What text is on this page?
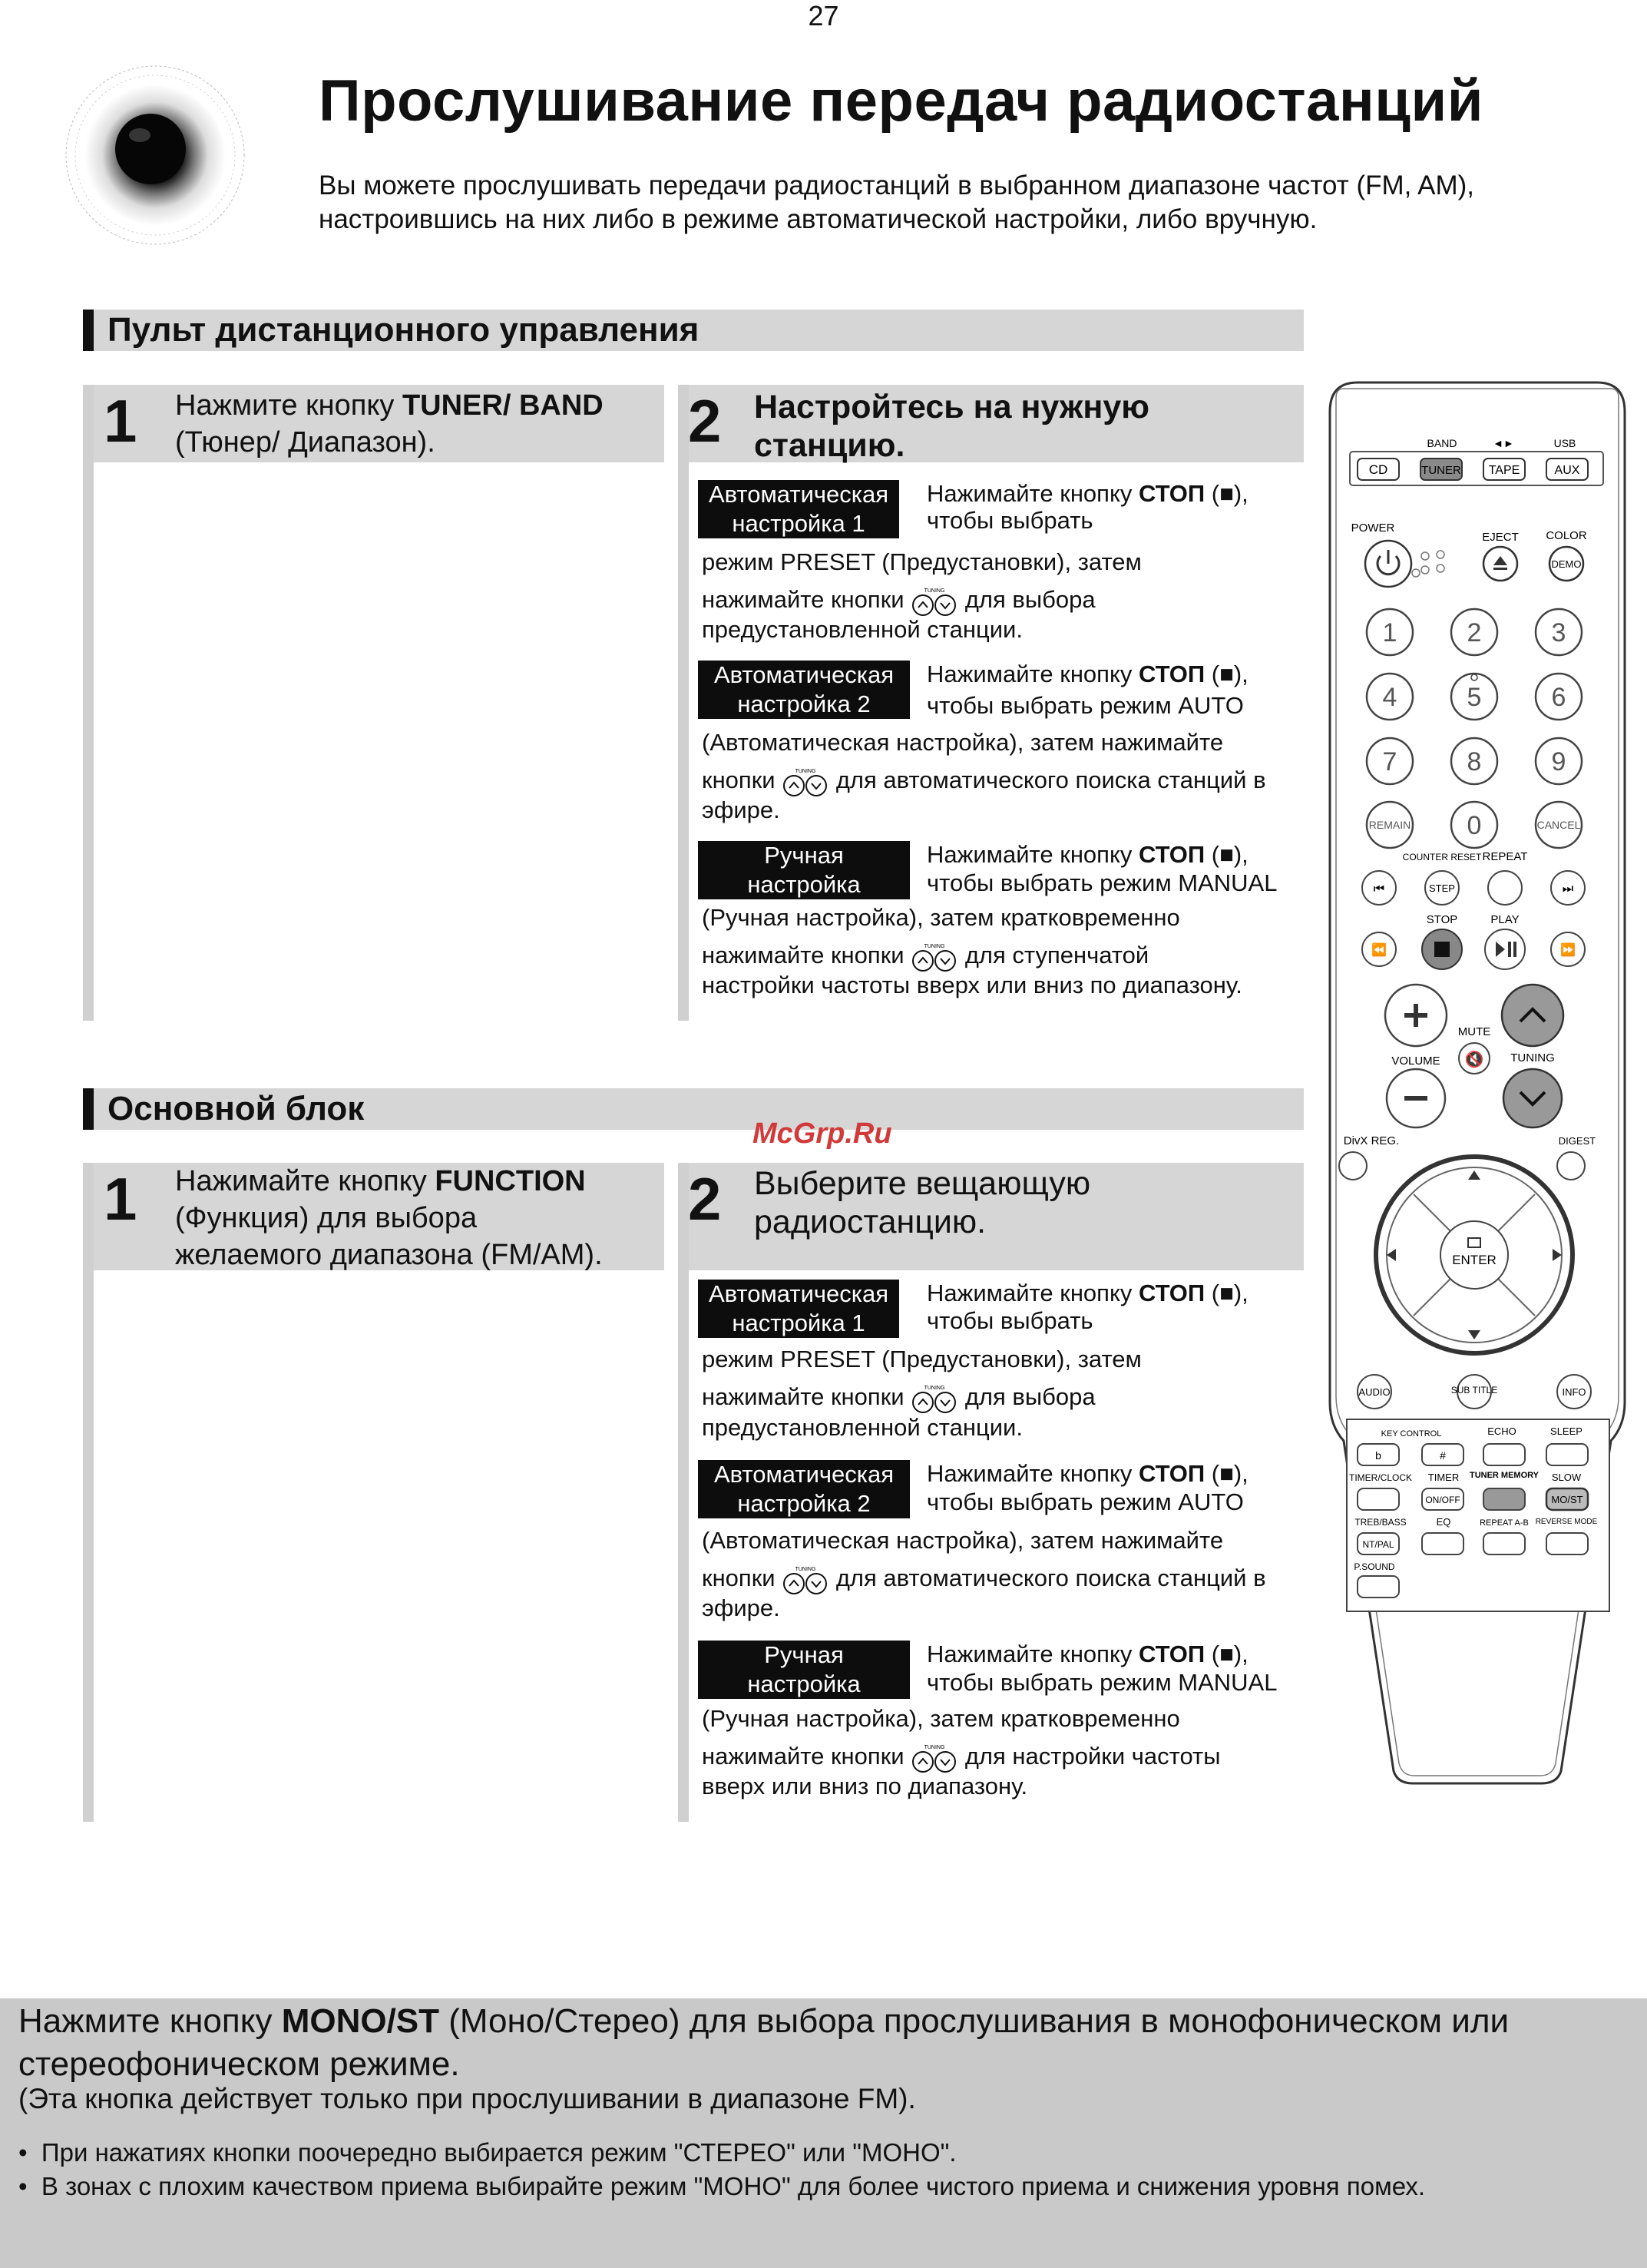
27
Прослушивание передач радиостанций
Вы можете прослушивать передачи радиостанций в выбранном диапазоне частот (FM, AM), настроившись на них либо в режиме автоматической настройки, либо вручную.
Пульт дистанционного управления
1 Нажмите кнопку TUNER/ BAND (Тюнер/ Диапазон).	2 Настройтесь на нужную
станцию.
Автоматическая
настройка 1
Нажимайте кнопку СТОП (■),
чтобы выбрать
режим PRESET (Предустановки), затем
нажимайте кнопки	TUNING для выбора
предустановленной станции.
Автоматическая
настройка 2
Нажимайте кнопку СТОП (■),
чтобы выбрать режим AUTO
(Автоматическая настройка), затем нажимайте
кнопки	TUNING для автоматического поиска станций в
эфире.
Ручная
настройка
Нажимайте кнопку СТОП (■),
чтобы выбрать режим MANUAL
(Ручная настройка), затем кратковременно
нажимайте кнопки	TUNING для ступенчатой
настройки частоты вверх или вниз по диапазону.
Основной блок
1 Нажимайте кнопку FUNCTION
(Функция) для выбора
желаемого диапазона (FM/AM).
2 Выберите вещающую
радиостанцию.
Автоматическая
настройка 1
Нажимайте кнопку СТОП (■),
чтобы выбрать
режим PRESET (Предустановки), затем
нажимайте кнопки	TUNING для выбора
предустановленной станции.
Автоматическая
настройка 2
Нажимайте кнопку СТОП (■),
чтобы выбрать режим AUTO
(Автоматическая настройка), затем нажимайте
кнопки	TUNING для автоматического поиска станций в
эфире.
Ручная
настройка
Нажимайте кнопку СТОП (■),
чтобы выбрать режим MANUAL
(Ручная настройка), затем кратковременно
нажимайте кнопки	TUNING для настройки частоты
вверх или вниз по диапазону.
McGrp.Ru
BAND	◄►	USB
CD	TUNER TAPE	AUX
POWER
EJECT COLOR
DEMO
1	2	3
4	5	6
7	8	9
REMAIN 0	CANCEL
COUNTER RESET REPEAT
⏮	STEP	⏭
STOP	PLAY
⏪	⏩
MUTE
🔇
VOLUME	TUNING
DivX REG.	DIGEST
ENTER
AUDIO	SUB TITLE	INFO
KEY CONTROL	ECHO	SLEEP
b	#
TIMER/CLOCK TIMER TUNER MEMORY SLOW
ON/OFF	MO/ST
TREB/BASS	EQ	REPEAT A-B REVERSE MODE
NT/PAL
P.SOUND
Нажмите кнопку MONO/ST (Моно/Стерео) для выбора прослушивания в монофоническом или стереофоническом режиме.
(Эта кнопка действует только при прослушивании в диапазоне FM).
•  При нажатиях кнопки поочередно выбирается режим "СТЕРЕО" или "МОНО".
•  В зонах с плохим качеством приема выбирайте режим "МОНО" для более чистого приема и снижения уровня помех.
